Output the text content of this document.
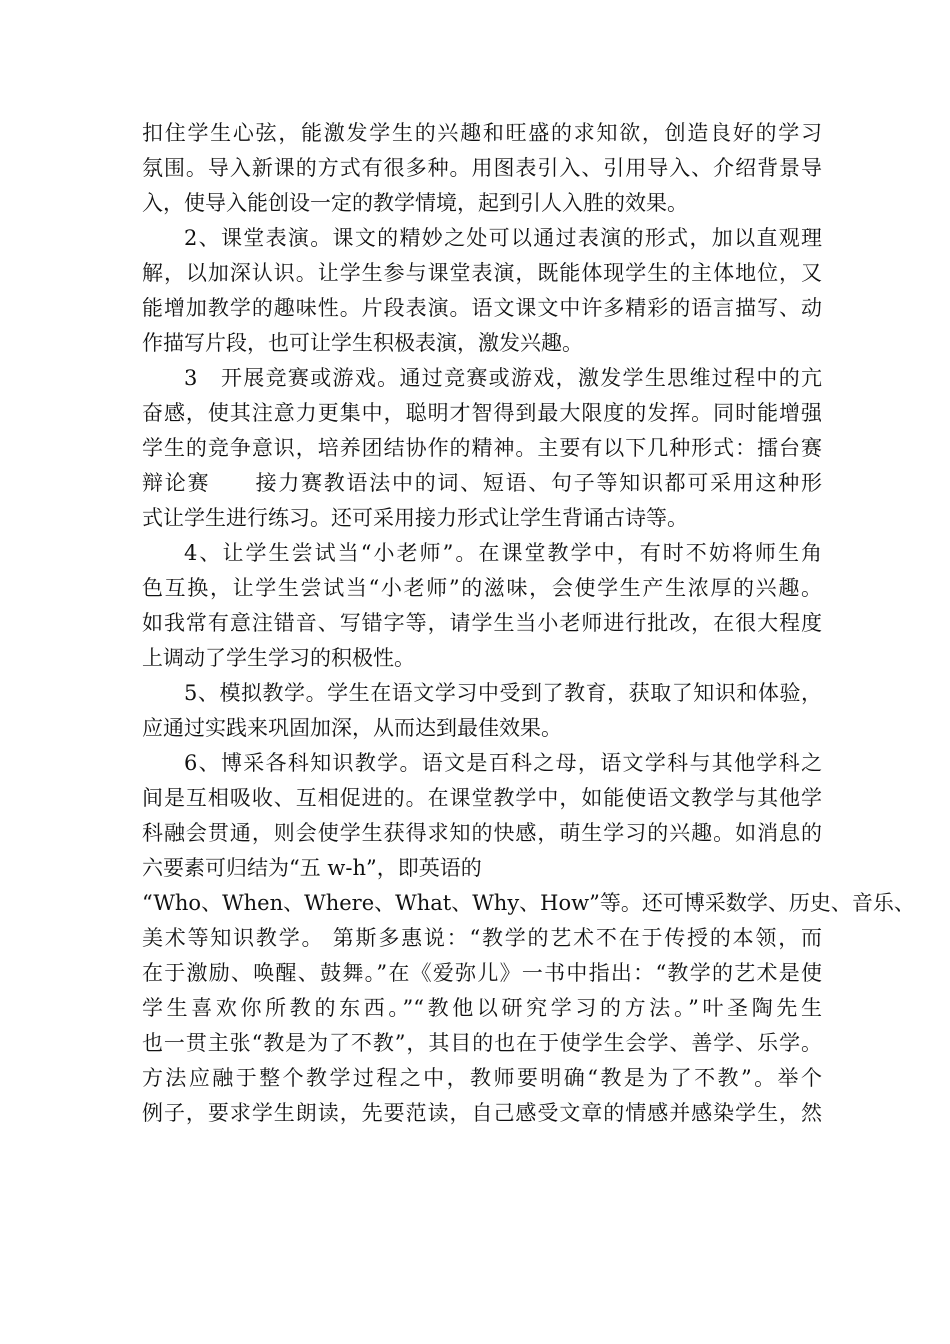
扣住学生心弦，能激发学生的兴趣和旺盛的求知欲，创造良好的学习
氛围。导入新课的方式有很多种。用图表引入、引用导入、介绍背景导
入，使导入能创设一定的教学情境，起到引人入胜的效果。
2、课堂表演。课文的精妙之处可以通过表演的形式，加以直观理
解，以加深认识。让学生参与课堂表演，既能体现学生的主体地位，又
能增加教学的趣味性。片段表演。语文课文中许多精彩的语言描写、动
作描写片段，也可让学生积极表演，激发兴趣。
3　开展竞赛或游戏。通过竞赛或游戏，激发学生思维过程中的亢
奋感，使其注意力更集中，聪明才智得到最大限度的发挥。同时能增强
学生的竞争意识，培养团结协作的精神。主要有以下几种形式：擂台赛
辩论赛　　接力赛教语法中的词、短语、句子等知识都可采用这种形
式让学生进行练习。还可采用接力形式让学生背诵古诗等。
4、让学生尝试当“小老师”。在课堂教学中，有时不妨将师生角
色互换，让学生尝试当“小老师”的滋味，会使学生产生浓厚的兴趣。
如我常有意注错音、写错字等，请学生当小老师进行批改，在很大程度
上调动了学生学习的积极性。
5、模拟教学。学生在语文学习中受到了教育，获取了知识和体验，
应通过实践来巩固加深，从而达到最佳效果。
6、博采各科知识教学。语文是百科之母，语文学科与其他学科之
间是互相吸收、互相促进的。在课堂教学中，如能使语文教学与其他学
科融会贯通，则会使学生获得求知的快感，萌生学习的兴趣。如消息的
六要素可归结为“五 w-h”，即英语的
“Who、When、Where、What、Why、How”等。还可博采数学、历史、音乐、
美术等知识教学。 第斯多惠说：“教学的艺术不在于传授的本领，而
在于激励、唤醒、鼓舞。”在《爱弥儿》一书中指出：“教学的艺术是使
学生喜欢你所教的东西。”“教他以研究学习的方法。”叶圣陶先生
也一贯主张“教是为了不教”，其目的也在于使学生会学、善学、乐学。
方法应融于整个教学过程之中，教师要明确“教是为了不教”。举个
例子，要求学生朗读，先要范读，自己感受文章的情感并感染学生，然
